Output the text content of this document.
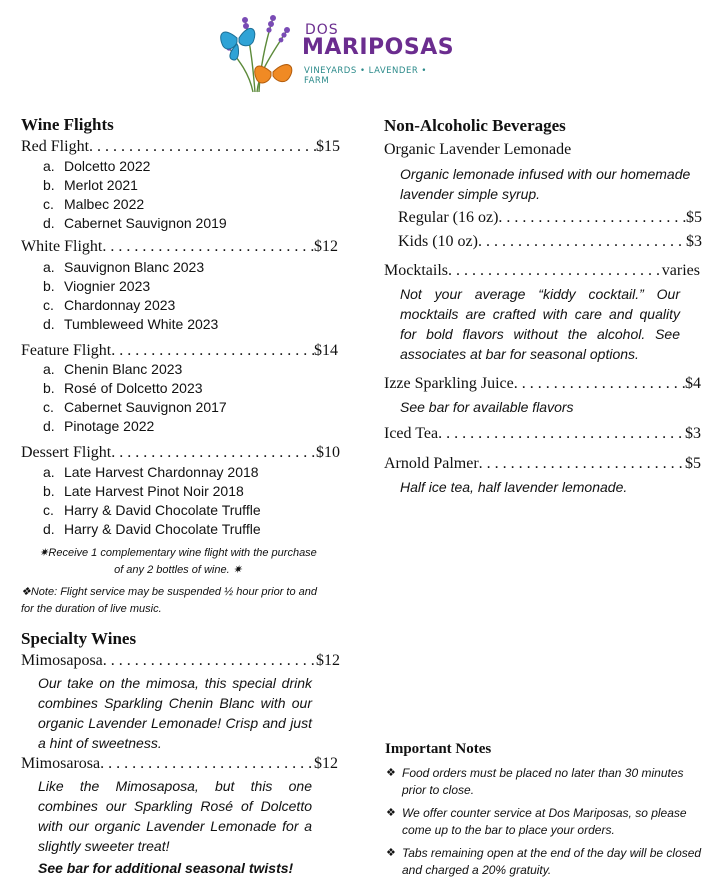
DOS
MARIPOSAS
VINEYARDS • LAVENDER • FARM
Wine Flights
Red Flight . . .	$15
a. Dolcetto 2022
b. Merlot 2021
c. Malbec 2022
d. Cabernet Sauvignon 2019
White Flight . . .	$12
a. Sauvignon Blanc 2023
b. Viognier 2023
c. Chardonnay 2023
d. Tumbleweed White 2023
Feature Flight . . .	$14
a. Chenin Blanc 2023
b. Rosé of Dolcetto 2023
c. Cabernet Sauvignon 2017
d. Pinotage 2022
Dessert Flight . . .	$10
a. Late Harvest Chardonnay 2018
b. Late Harvest Pinot Noir 2018
c. Harry & David Chocolate Truffle
d. Harry & David Chocolate Truffle
✷Receive 1 complementary wine flight with the purchase
of any 2 bottles of wine. ✷
❖Note: Flight service may be suspended ½ hour prior to and
for the duration of live music.
Specialty Wines
Mimosaposa . . .	$12
Our take on the mimosa, this special drink combines Sparkling Chenin Blanc with our organic Lavender Lemonade! Crisp and just a hint of sweetness.
Mimosarosa . . .	$12
Like the Mimosaposa, but this one combines our Sparkling Rosé of Dolcetto with our organic Lavender Lemonade for a slightly sweeter treat!
See bar for additional seasonal twists!
Non-Alcoholic Beverages
Organic Lavender Lemonade
Organic lemonade infused with our homemade lavender simple syrup.
Regular (16 oz) . . .	$5
Kids (10 oz) . . .	$3
Mocktails . . .	varies
Not your average “kiddy cocktail.” Our mocktails are crafted with care and quality for bold flavors without the alcohol. See associates at bar for seasonal options.
Izze Sparkling Juice . . .	$4
See bar for available flavors
Iced Tea . . .	$3
Arnold Palmer . . .	$5
Half ice tea, half lavender lemonade.
Important Notes
❖ Food orders must be placed no later than 30 minutes prior to close.
❖ We offer counter service at Dos Mariposas, so please come up to the bar to place your orders.
❖ Tabs remaining open at the end of the day will be closed and charged a 20% gratuity.
